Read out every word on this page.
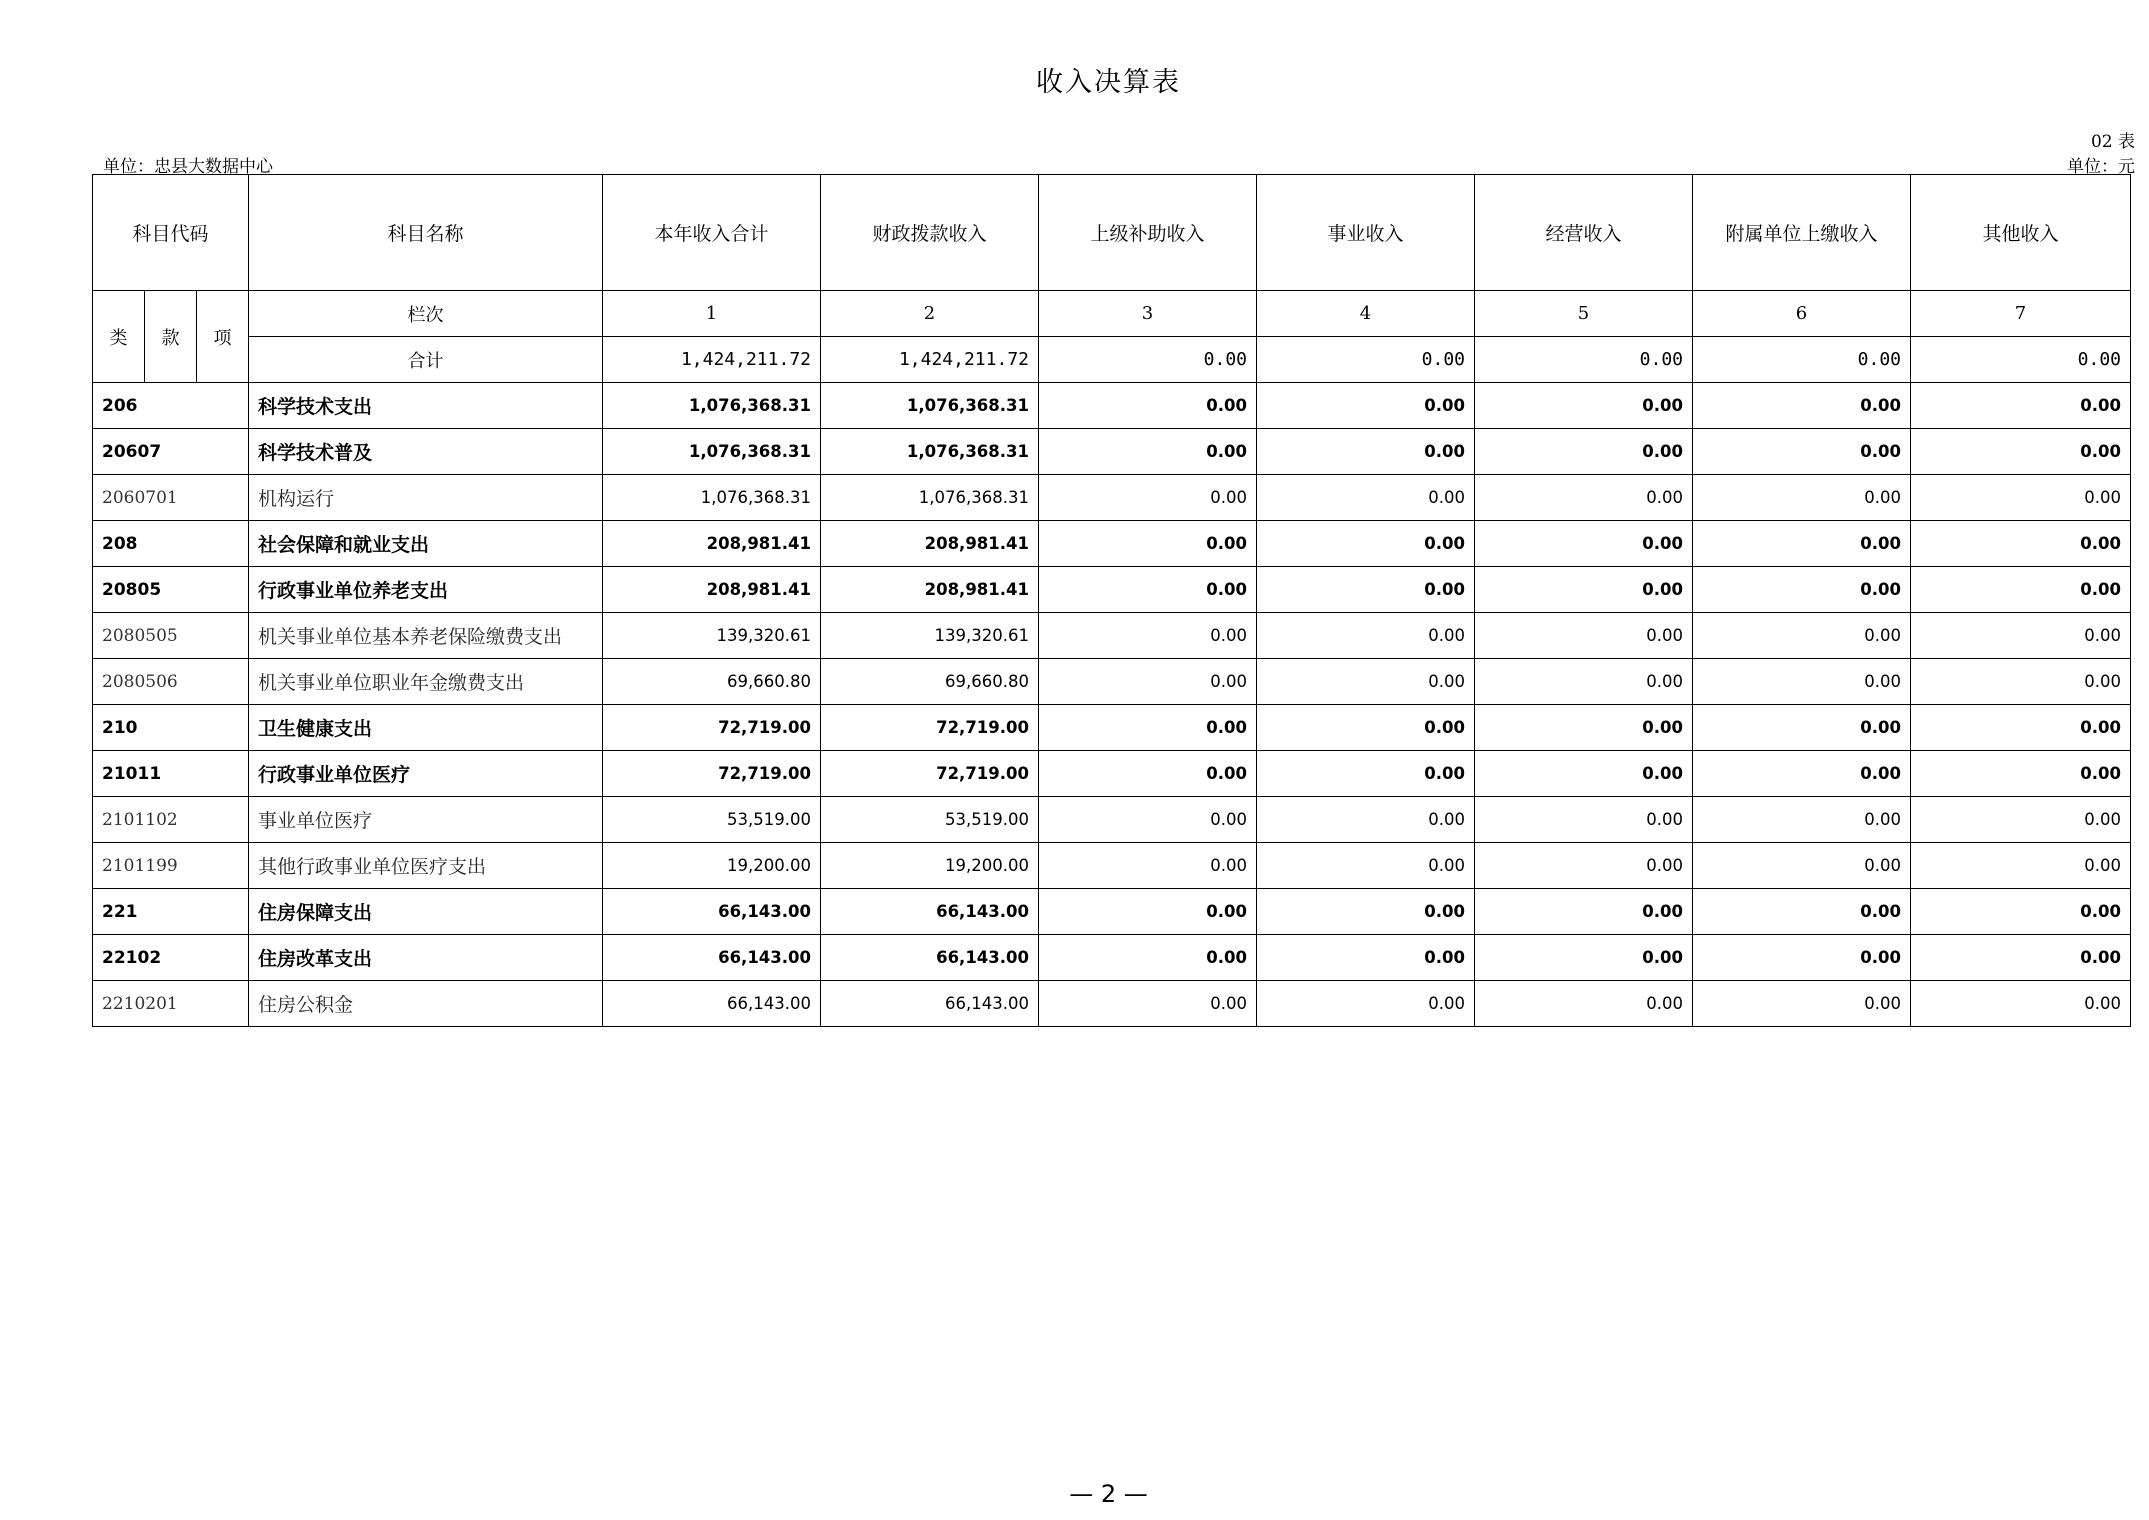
收入决算表
02 表
单位：忠县大数据中心	单位：元
科目代码			科目名称	本年收入合计	财政拨款收入	上级补助收入	事业收入	经营收入	附属单位上缴收入	其他收入
类	款	项	栏次	1	2	3	4	5	6	7
			合计	1,424,211.72	1,424,211.72	0.00	0.00	0.00	0.00	0.00
206			科学技术支出	1,076,368.31	1,076,368.31	0.00	0.00	0.00	0.00	0.00
20607			科学技术普及	1,076,368.31	1,076,368.31	0.00	0.00	0.00	0.00	0.00
2060701			机构运行	1,076,368.31	1,076,368.31	0.00	0.00	0.00	0.00	0.00
208			社会保障和就业支出	208,981.41	208,981.41	0.00	0.00	0.00	0.00	0.00
20805			行政事业单位养老支出	208,981.41	208,981.41	0.00	0.00	0.00	0.00	0.00
2080505			机关事业单位基本养老保险缴费支出	139,320.61	139,320.61	0.00	0.00	0.00	0.00	0.00
2080506			机关事业单位职业年金缴费支出	69,660.80	69,660.80	0.00	0.00	0.00	0.00	0.00
210			卫生健康支出	72,719.00	72,719.00	0.00	0.00	0.00	0.00	0.00
21011			行政事业单位医疗	72,719.00	72,719.00	0.00	0.00	0.00	0.00	0.00
2101102			事业单位医疗	53,519.00	53,519.00	0.00	0.00	0.00	0.00	0.00
2101199			其他行政事业单位医疗支出	19,200.00	19,200.00	0.00	0.00	0.00	0.00	0.00
221			住房保障支出	66,143.00	66,143.00	0.00	0.00	0.00	0.00	0.00
22102			住房改革支出	66,143.00	66,143.00	0.00	0.00	0.00	0.00	0.00
2210201			住房公积金	66,143.00	66,143.00	0.00	0.00	0.00	0.00	0.00
— 2 —
